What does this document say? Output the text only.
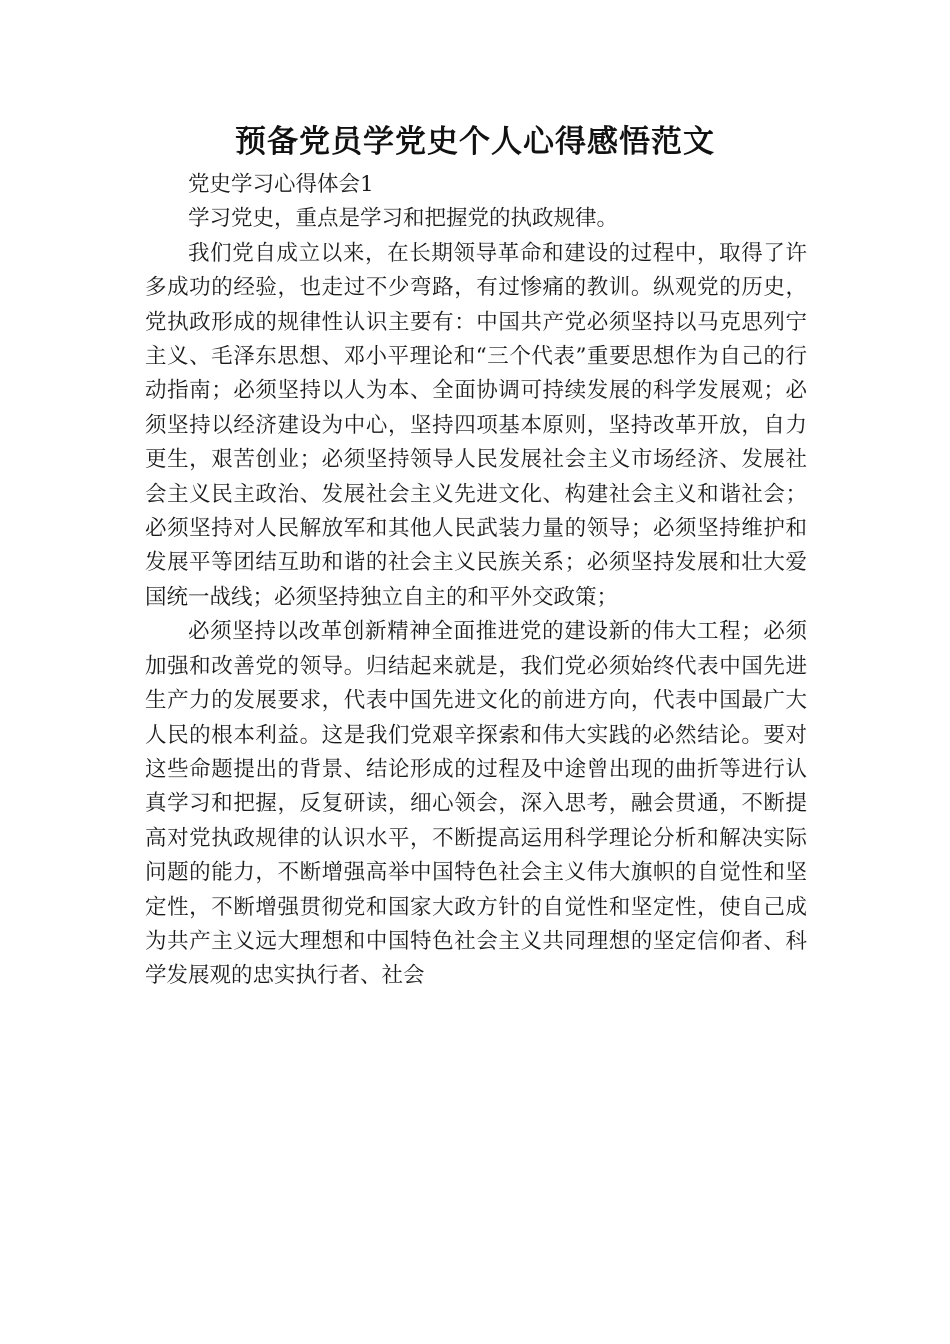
预备党员学党史个人心得感悟范文

党史学习心得体会1

学习党史，重点是学习和把握党的执政规律。

我们党自成立以来，在长期领导革命和建设的过程中，取得了许多成功的经验，也走过不少弯路，有过惨痛的教训。纵观党的历史，党执政形成的规律性认识主要有：中国共产党必须坚持以马克思列宁主义、毛泽东思想、邓小平理论和“三个代表”重要思想作为自己的行动指南；必须坚持以人为本、全面协调可持续发展的科学发展观；必须坚持以经济建设为中心，坚持四项基本原则，坚持改革开放，自力更生，艰苦创业；必须坚持领导人民发展社会主义市场经济、发展社会主义民主政治、发展社会主义先进文化、构建社会主义和谐社会；必须坚持对人民解放军和其他人民武装力量的领导；必须坚持维护和发展平等团结互助和谐的社会主义民族关系；必须坚持发展和壮大爱国统一战线；必须坚持独立自主的和平外交政策；

必须坚持以改革创新精神全面推进党的建设新的伟大工程；必须加强和改善党的领导。归结起来就是，我们党必须始终代表中国先进生产力的发展要求，代表中国先进文化的前进方向，代表中国最广大人民的根本利益。这是我们党艰辛探索和伟大实践的必然结论。要对这些命题提出的背景、结论形成的过程及中途曾出现的曲折等进行认真学习和把握，反复研读，细心领会，深入思考，融会贯通，不断提高对党执政规律的认识水平，不断提高运用科学理论分析和解决实际问题的能力，不断增强高举中国特色社会主义伟大旗帜的自觉性和坚定性，不断增强贯彻党和国家大政方针的自觉性和坚定性，使自己成为共产主义远大理想和中国特色社会主义共同理想的坚定信仰者、科学发展观的忠实执行者、社会
